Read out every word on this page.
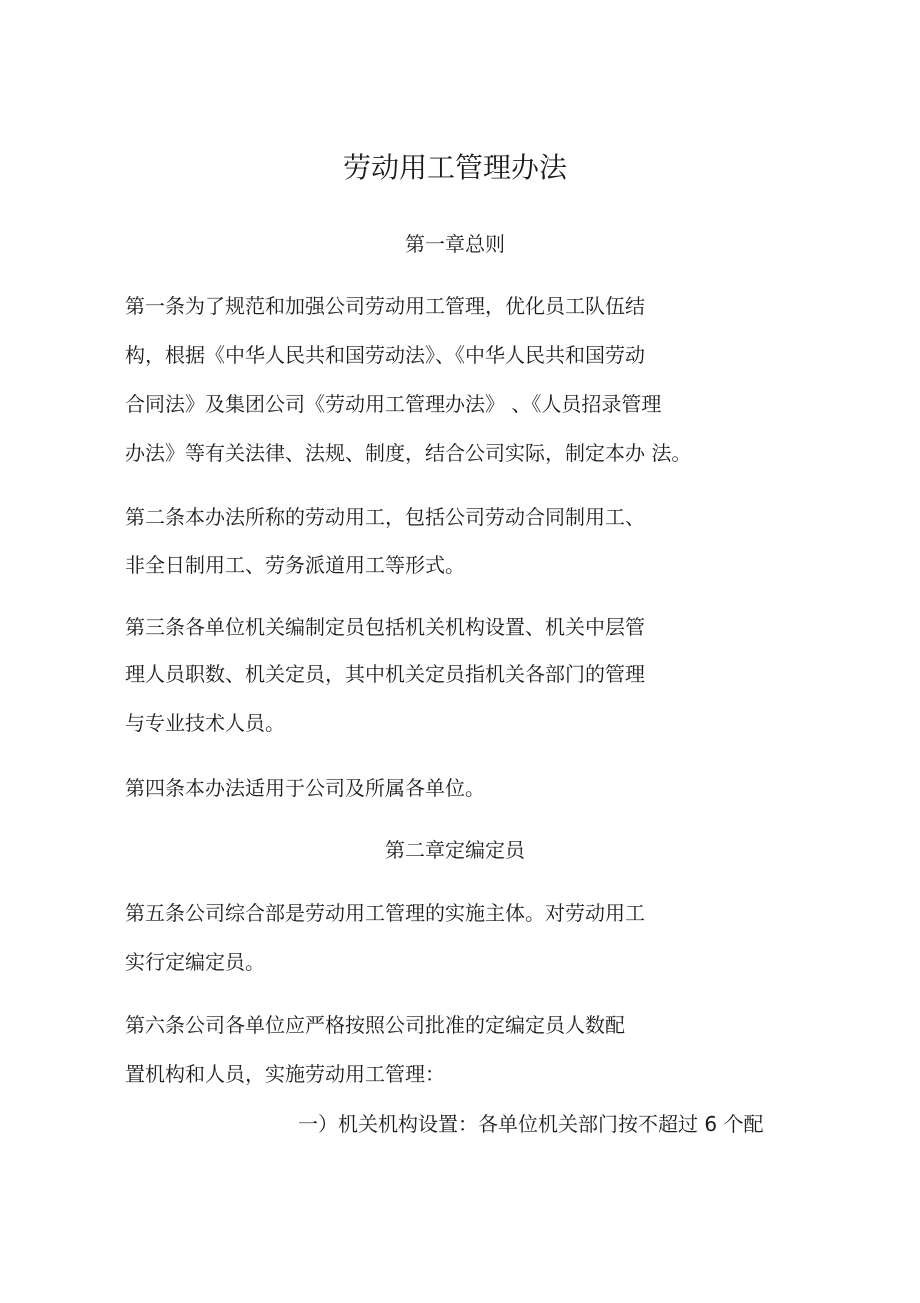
劳动用工管理办法
第一章总则
第一条为了规范和加强公司劳动用工管理，优化员工队伍结
构，根据《中华人民共和国劳动法》、《中华人民共和国劳动
合同法》及集团公司《劳动用工管理办法》 、《人员招录管理
办法》等有关法律、法规、制度，结合公司实际，制定本办 法。
第二条本办法所称的劳动用工，包括公司劳动合同制用工、
非全日制用工、劳务派道用工等形式。
第三条各单位机关编制定员包括机关机构设置、机关中层管
理人员职数、机关定员，其中机关定员指机关各部门的管理
与专业技术人员。
第四条本办法适用于公司及所属各单位。
第二章定编定员
第五条公司综合部是劳动用工管理的实施主体。对劳动用工
实行定编定员。
第六条公司各单位应严格按照公司批准的定编定员人数配
置机构和人员，实施劳动用工管理：
一）机关机构设置：各单位机关部门按不超过 6 个配
